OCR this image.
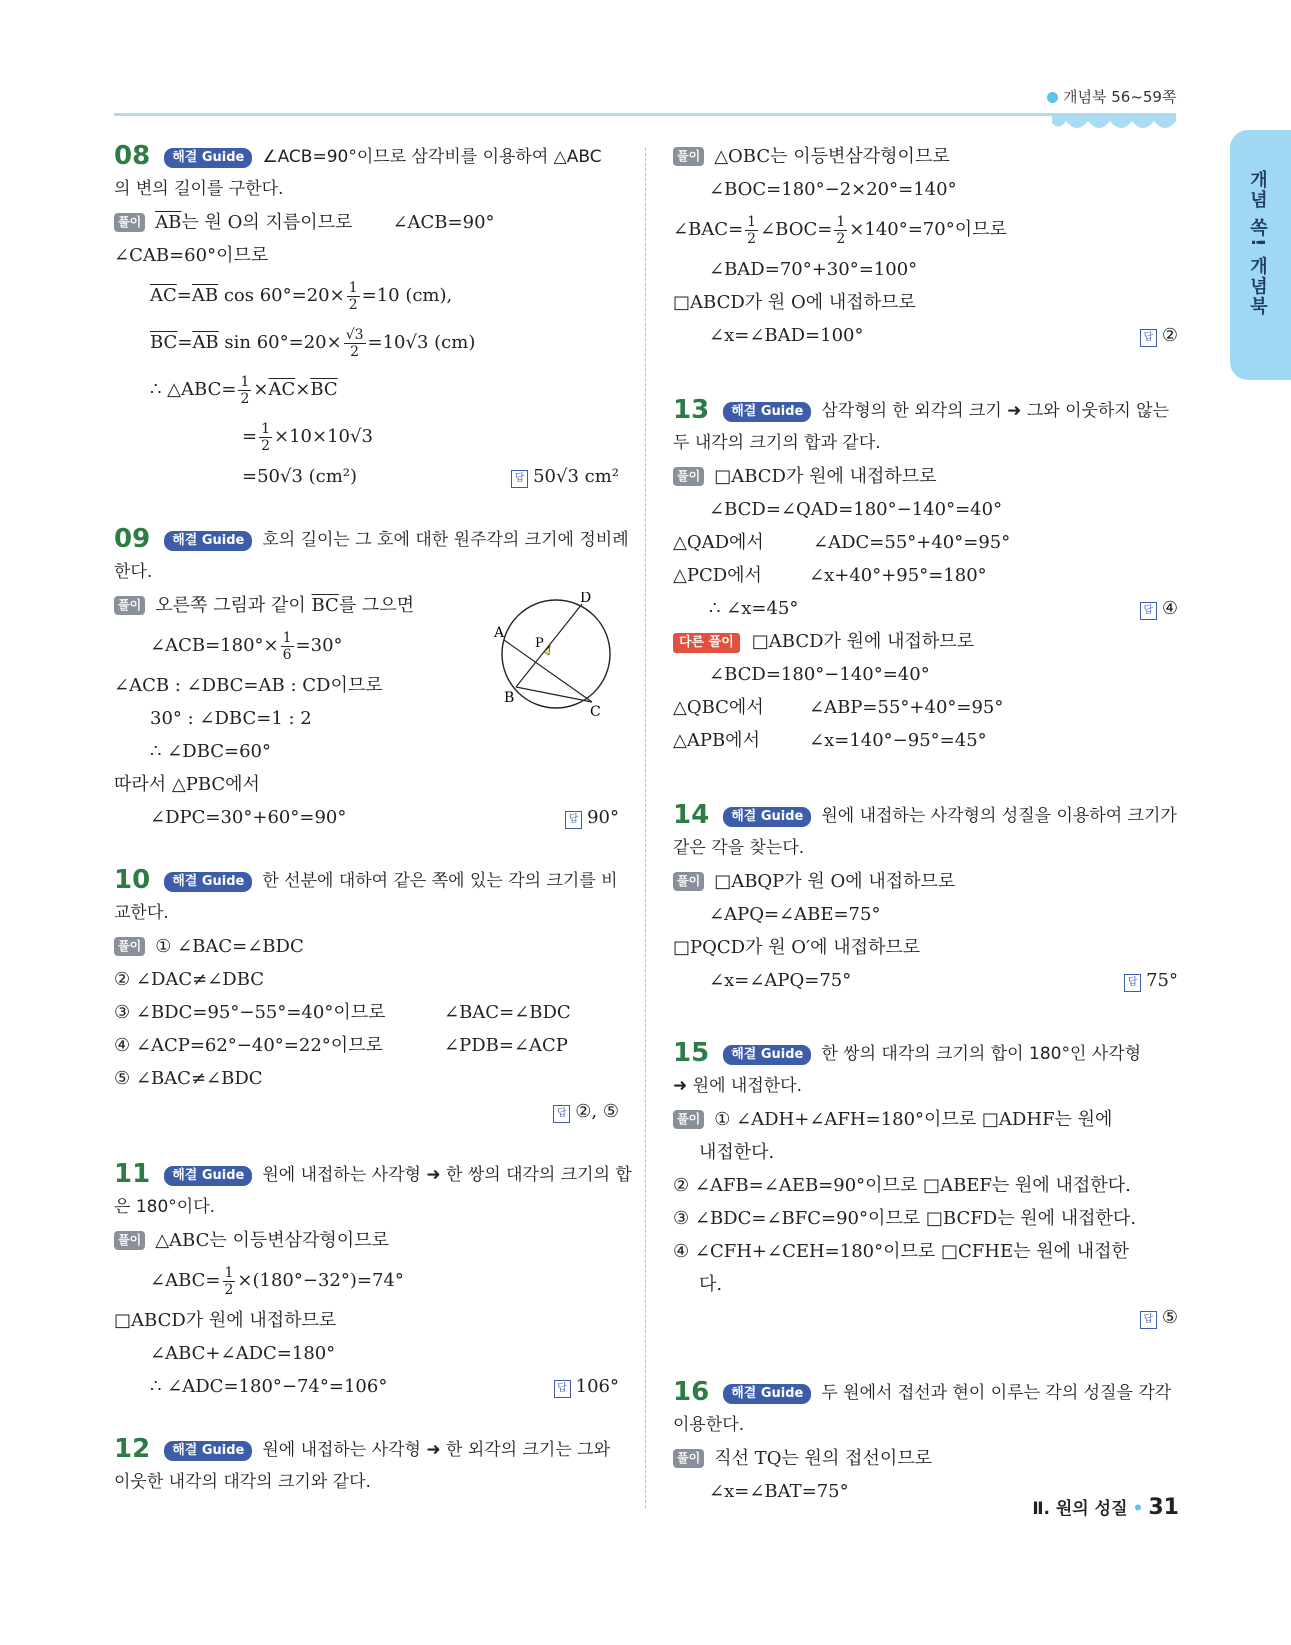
개념북 56~59쪽
개념 쏙! 개념북
08 해결 Guide ∠ACB=90°이므로 삼각비를 이용하여 △ABC
의 변의 길이를 구한다.
풀이 $\overline{AB}$는 원 O의 지름이므로 ∠ACB=90°
∠CAB=60°이므로
$\overline{AC}=\overline{AB}$ $\cos 60^\circ=20\times \frac{1}{2} =10$ (cm),
$\overline{BC}=\overline{AB}$ $\sin 60^\circ=20\times \frac{√3}{2} =10√3$ (cm)
∴ △ABC= $\frac{1}{2} \times\overline{AC}\times\overline{BC}$
= $\frac{1}{2} \times 10\times 10√3$
=50√3 (cm²)	답 50√3 cm²
09 해결 Guide 호의 길이는 그 호에 대한 원주각의 크기에 정비례
한다.
A
B
C
D
P
풀이 오른쪽 그림과 같이 $\overline{BC}$를 그으면
∠ACB=180°× $\frac{1}{6} =30^\circ$
∠ACB : ∠DBC=AB : CD이므로
30° : ∠DBC=1 : 2
∴ ∠DBC=60°
따라서 △PBC에서
∠DPC=30°+60°=90°	답 90°
10 해결 Guide 한 선분에 대하여 같은 쪽에 있는 각의 크기를 비
교한다.
풀이 ① ∠BAC=∠BDC
② ∠DAC≠∠DBC
③ ∠BDC=95°−55°=40°이므로	∠BAC=∠BDC
④ ∠ACP=62°−40°=22°이므로	∠PDB=∠ACP
⑤ ∠BAC≠∠BDC
답 ②, ⑤
11 해결 Guide 원에 내접하는 사각형 ➜ 한 쌍의 대각의 크기의 합
은 180°이다.
풀이 △ABC는 이등변삼각형이므로
∠ABC= $\frac{1}{2} \times(180^\circ-32^\circ)=74^\circ$
□ABCD가 원에 내접하므로
∠ABC+∠ADC=180°
∴ ∠ADC=180°−74°=106°	답 106°
12 해결 Guide 원에 내접하는 사각형 ➜ 한 외각의 크기는 그와
이웃한 내각의 대각의 크기와 같다.
풀이 △OBC는 이등변삼각형이므로
∠BOC=180°−2×20°=140°
∠BAC= $\frac{1}{2}$ ∠BOC= $\frac{1}{2} \times 140^\circ=70^\circ$이므로
∠BAD=70°+30°=100°
□ABCD가 원 O에 내접하므로
∠x=∠BAD=100°	답 ②
13 해결 Guide 삼각형의 한 외각의 크기 ➜ 그와 이웃하지 않는
두 내각의 크기의 합과 같다.
풀이 □ABCD가 원에 내접하므로
∠BCD=∠QAD=180°−140°=40°
△QAD에서	∠ADC=55°+40°=95°
△PCD에서	∠x+40°+95°=180°
∴ ∠x=45°	답 ④
다른 풀이 □ABCD가 원에 내접하므로
∠BCD=180°−140°=40°
△QBC에서	∠ABP=55°+40°=95°
△APB에서	∠x=140°−95°=45°
14 해결 Guide 원에 내접하는 사각형의 성질을 이용하여 크기가
같은 각을 찾는다.
풀이 □ABQP가 원 O에 내접하므로
∠APQ=∠ABE=75°
□PQCD가 원 O′에 내접하므로
∠x=∠APQ=75°	답 75°
15 해결 Guide 한 쌍의 대각의 크기의 합이 180°인 사각형
➜ 원에 내접한다.
풀이 ① ∠ADH+∠AFH=180°이므로 □ADHF는 원에
내접한다.
② ∠AFB=∠AEB=90°이므로 □ABEF는 원에 내접한다.
③ ∠BDC=∠BFC=90°이므로 □BCFD는 원에 내접한다.
④ ∠CFH+∠CEH=180°이므로 □CFHE는 원에 내접한
다.
답 ⑤
16 해결 Guide 두 원에서 접선과 현이 이루는 각의 성질을 각각
이용한다.
풀이 직선 TQ는 원의 접선이므로
∠x=∠BAT=75°
Ⅱ. 원의 성질 • 31
